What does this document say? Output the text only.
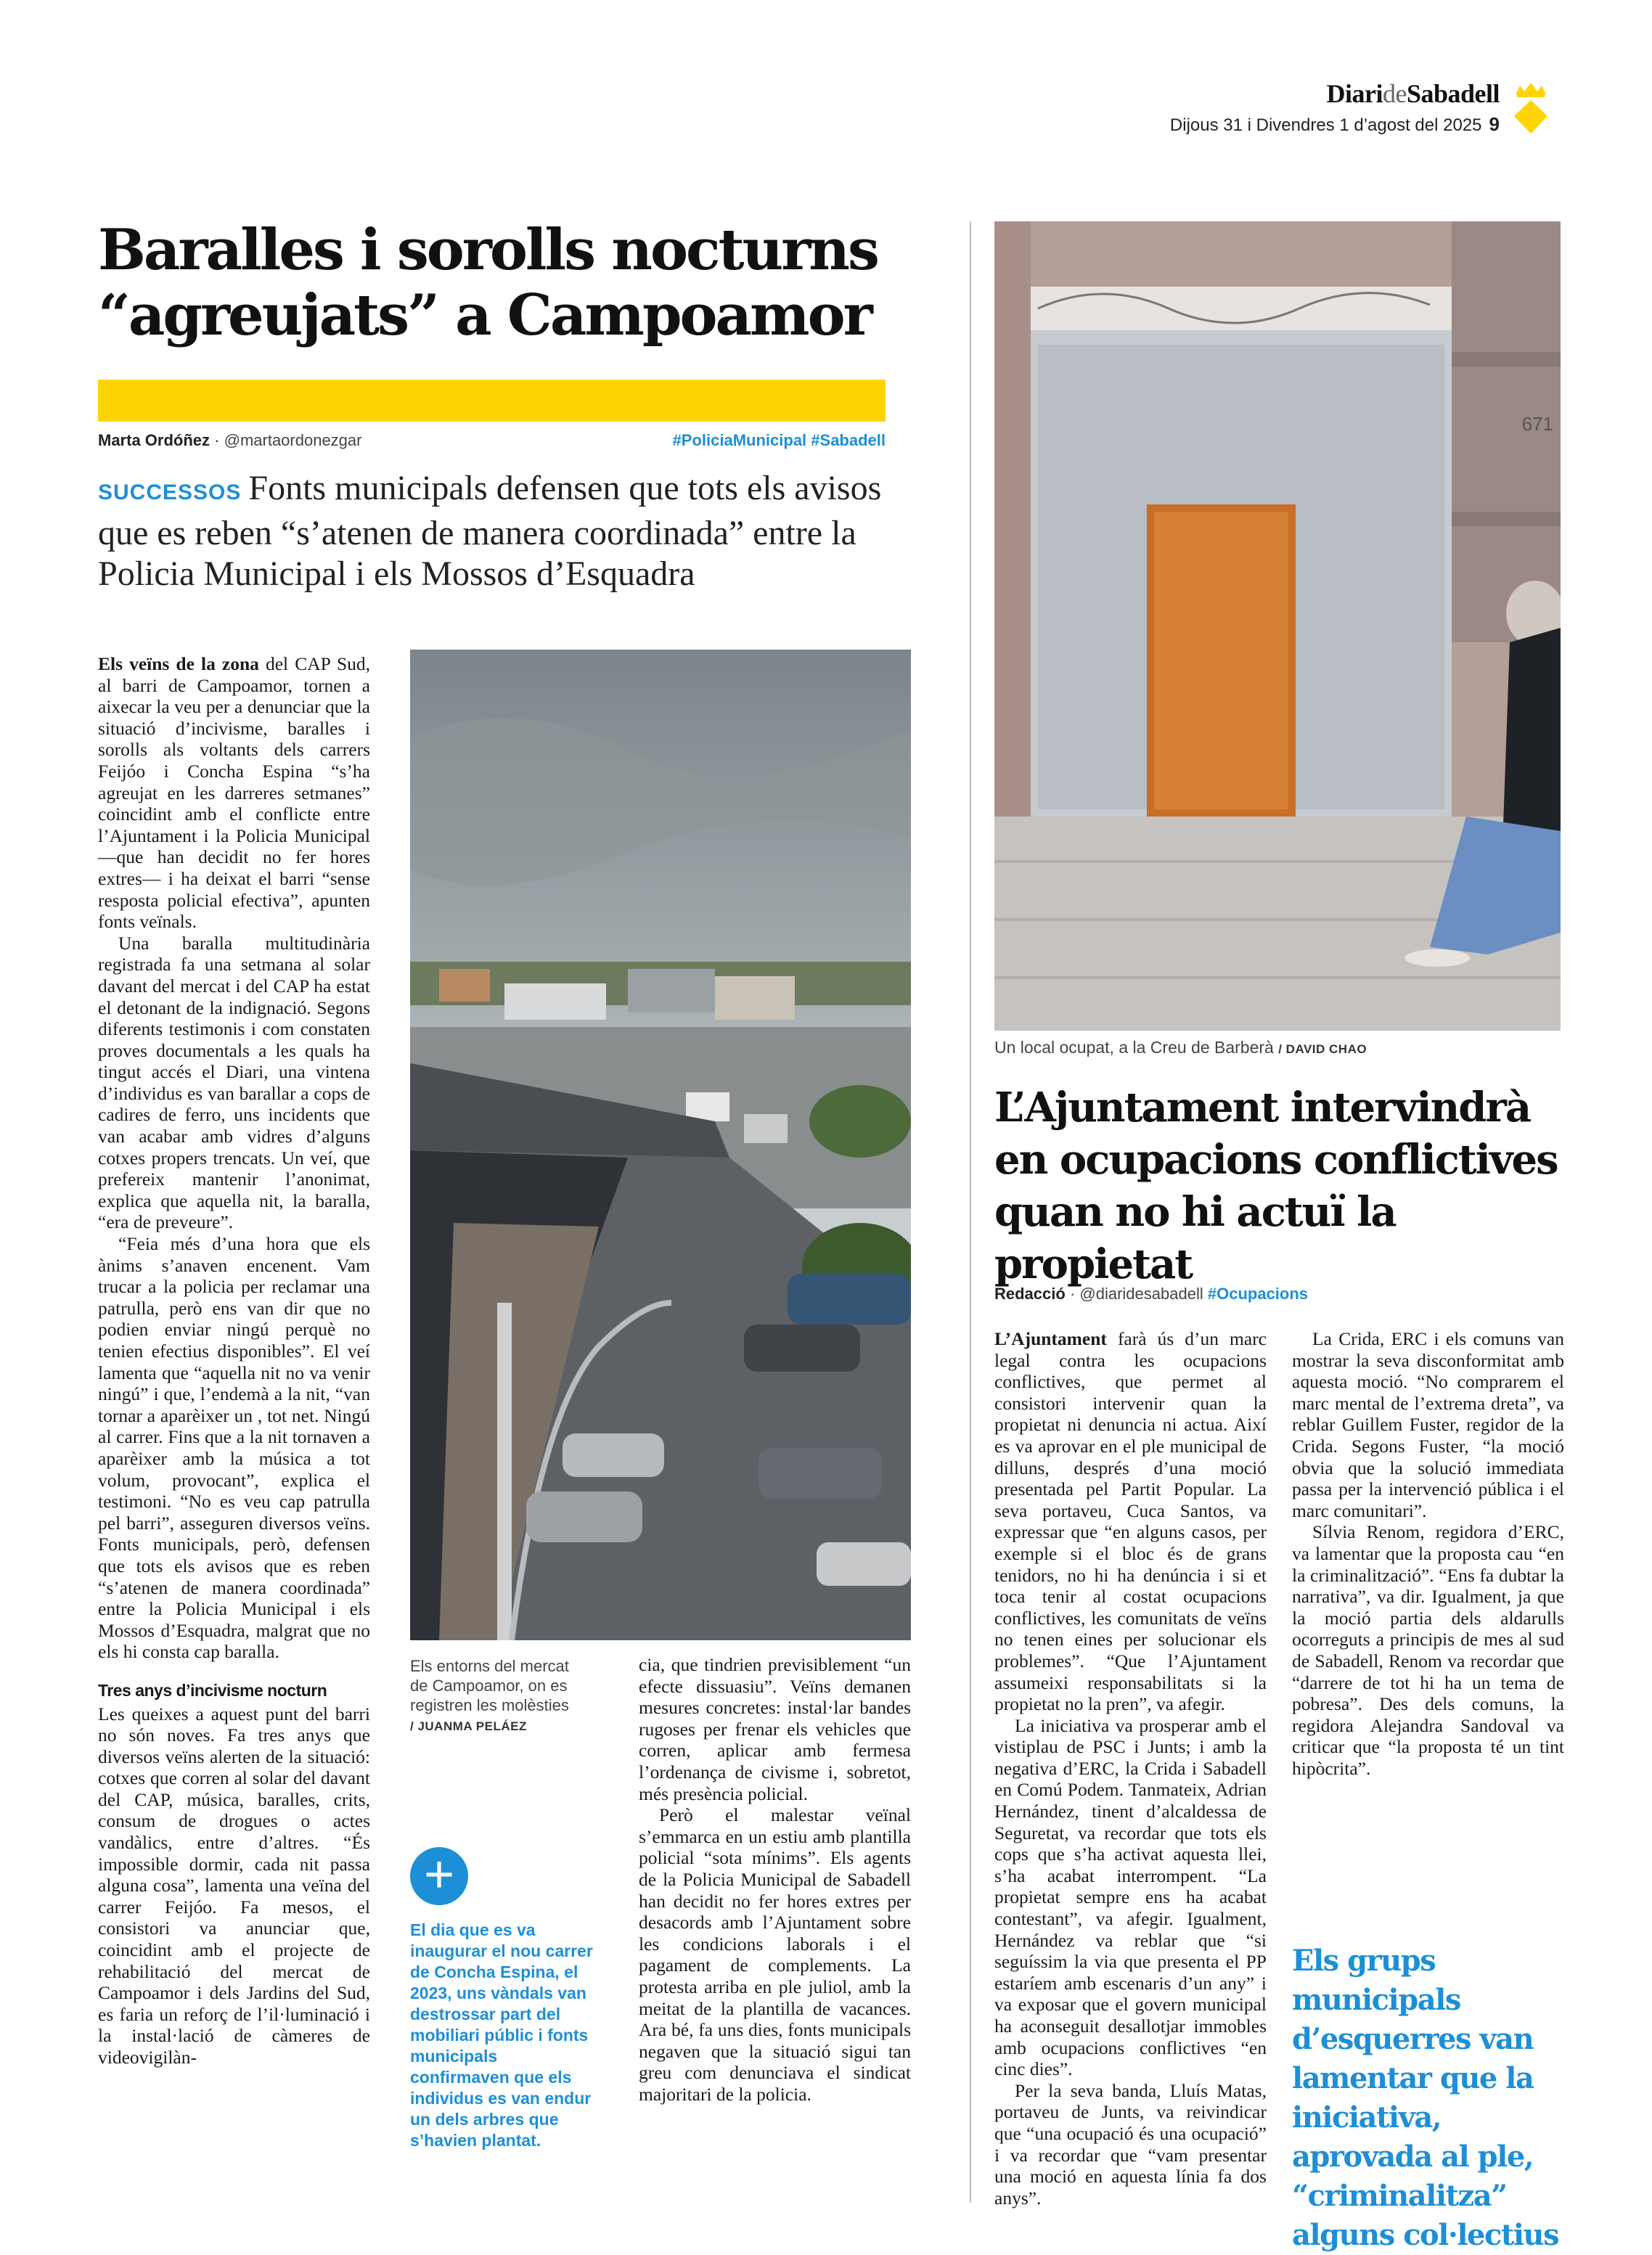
DiarideSabadell
Dijous 31 i Divendres 1 d’agost del 2025 9
Baralles i sorolls nocturns “agreujats” a Campoamor
Marta Ordóñez · @martaordonezgar	#PoliciaMunicipal #Sabadell
SUCCESSOS Fonts municipals defensen que tots els avisos que es reben “s’atenen de manera coordinada” entre la Policia Municipal i els Mossos d’Esquadra

Els veïns de la zona del CAP Sud, al barri de Campoamor, tornen a aixecar la veu per a denunciar que la situació d’incivisme, baralles i sorolls als voltants dels carrers Feijóo i Concha Espina “s’ha agreujat en les darreres setmanes” coincidint amb el conflicte entre l’Ajuntament i la Policia Municipal —que han decidit no fer hores extres— i ha deixat el barri “sense resposta policial efectiva”, apunten fonts veïnals.

Una baralla multitudinària registrada fa una setmana al solar davant del mercat i del CAP ha estat el detonant de la indignació. Segons diferents testimonis i com constaten proves documentals a les quals ha tingut accés el Diari, una vintena d’individus es van barallar a cops de cadires de ferro, uns incidents que van acabar amb vidres d’alguns cotxes propers trencats. Un veí, que prefereix mantenir l’anonimat, explica que aquella nit, la baralla, “era de preveure”.

“Feia més d’una hora que els ànims s’anaven encenent. Vam trucar a la policia per reclamar una patrulla, però ens van dir que no podien enviar ningú perquè no tenien efectius disponibles”. El veí lamenta que “aquella nit no va venir ningú” i que, l’endemà a la nit, “van tornar a aparèixer un , tot net. Ningú al carrer. Fins que a la nit tornaven a aparèixer amb la música a tot volum, provocant”, explica el testimoni. “No es veu cap patrulla pel barri”, asseguren diversos veïns. Fonts municipals, però, defensen que tots els avisos que es reben “s’atenen de manera coordinada” entre la Policia Municipal i els Mossos d’Esquadra, malgrat que no els hi consta cap baralla.

Tres anys d’incivisme nocturn

Les queixes a aquest punt del barri no són noves. Fa tres anys que diversos veïns alerten de la situació: cotxes que corren al solar del davant del CAP, música, baralles, crits, consum de drogues o actes vandàlics, entre d’altres. “És impossible dormir, cada nit passa alguna cosa”, lamenta una veïna del carrer Feijóo. Fa mesos, el consistori va anunciar que, coincidint amb el projecte de rehabilitació del mercat de Campoamor i dels Jardins del Sud, es faria un reforç de l’il·luminació i la instal·lació de càmeres de videovigilàn-

Els entorns del mercat de Campoamor, on es registren les molèsties / JUANMA PELÁEZ
+
El dia que es va inaugurar el nou carrer de Concha Espina, el 2023, uns vàndals van destrossar part del mobiliari públic i fonts municipals confirmaven que els individus es van endur un dels arbres que s’havien plantat.

cia, que tindrien previsiblement “un efecte dissuasiu”. Veïns demanen mesures concretes: instal·lar bandes rugoses per frenar els vehicles que corren, aplicar amb fermesa l’ordenança de civisme i, sobretot, més presència policial.

Però el malestar veïnal s’emmarca en un estiu amb plantilla policial “sota mínims”. Els agents de la Policia Municipal de Sabadell han decidit no fer hores extres per desacords amb l’Ajuntament sobre les condicions laborals i el pagament de complements. La protesta arriba en ple juliol, amb la meitat de la plantilla de vacances. Ara bé, fa uns dies, fonts municipals negaven que la situació sigui tan greu com denunciava el sindicat majoritari de la policia.

671
Un local ocupat, a la Creu de Barberà / DAVID CHAO
L’Ajuntament intervindrà en ocupacions conflictives quan no hi actuï la propietat
Redacció · @diaridesabadell #Ocupacions

L’Ajuntament farà ús d’un marc legal contra les ocupacions conflictives, que permet al consistori intervenir quan la propietat ni denuncia ni actua. Així es va aprovar en el ple municipal de dilluns, després d’una moció presentada pel Partit Popular. La seva portaveu, Cuca Santos, va expressar que “en alguns casos, per exemple si el bloc és de grans tenidors, no hi ha denúncia i si et toca tenir al costat ocupacions conflictives, les comunitats de veïns no tenen eines per solucionar els problemes”. “Que l’Ajuntament assumeixi responsabilitats si la propietat no la pren”, va afegir.

La iniciativa va prosperar amb el vistiplau de PSC i Junts; i amb la negativa d’ERC, la Crida i Sabadell en Comú Podem. Tanmateix, Adrian Hernández, tinent d’alcaldessa de Seguretat, va recordar que tots els cops que s’ha activat aquesta llei, s’ha acabat interrompent. “La propietat sempre ens ha acabat contestant”, va afegir. Igualment, Hernández va reblar que “si seguíssim la via que presenta el PP estaríem amb escenaris d’un any” i va exposar que el govern municipal ha aconseguit desallotjar immobles amb ocupacions conflictives “en cinc dies”.

Per la seva banda, Lluís Matas, portaveu de Junts, va reivindicar que “una ocupació és una ocupació” i va recordar que “vam presentar una moció en aquesta línia fa dos anys”.

La Crida, ERC i els comuns van mostrar la seva disconformitat amb aquesta moció. “No comprarem el marc mental de l’extrema dreta”, va reblar Guillem Fuster, regidor de la Crida. Segons Fuster, “la moció obvia que la solució immediata passa per la intervenció pública i el marc comunitari”.

Sílvia Renom, regidora d’ERC, va lamentar que la proposta cau “en la criminalització”. “Ens fa dubtar la narrativa”, va dir. Igualment, ja que la moció partia dels aldarulls ocorreguts a principis de mes al sud de Sabadell, Renom va recordar que “darrere de tot hi ha un tema de pobresa”. Des dels comuns, la regidora Alejandra Sandoval va criticar que “la proposta té un tint hipòcrita”.

Els grups municipals d’esquerres van lamentar que la iniciativa, aprovada al ple, “criminalitza” alguns col·lectius
